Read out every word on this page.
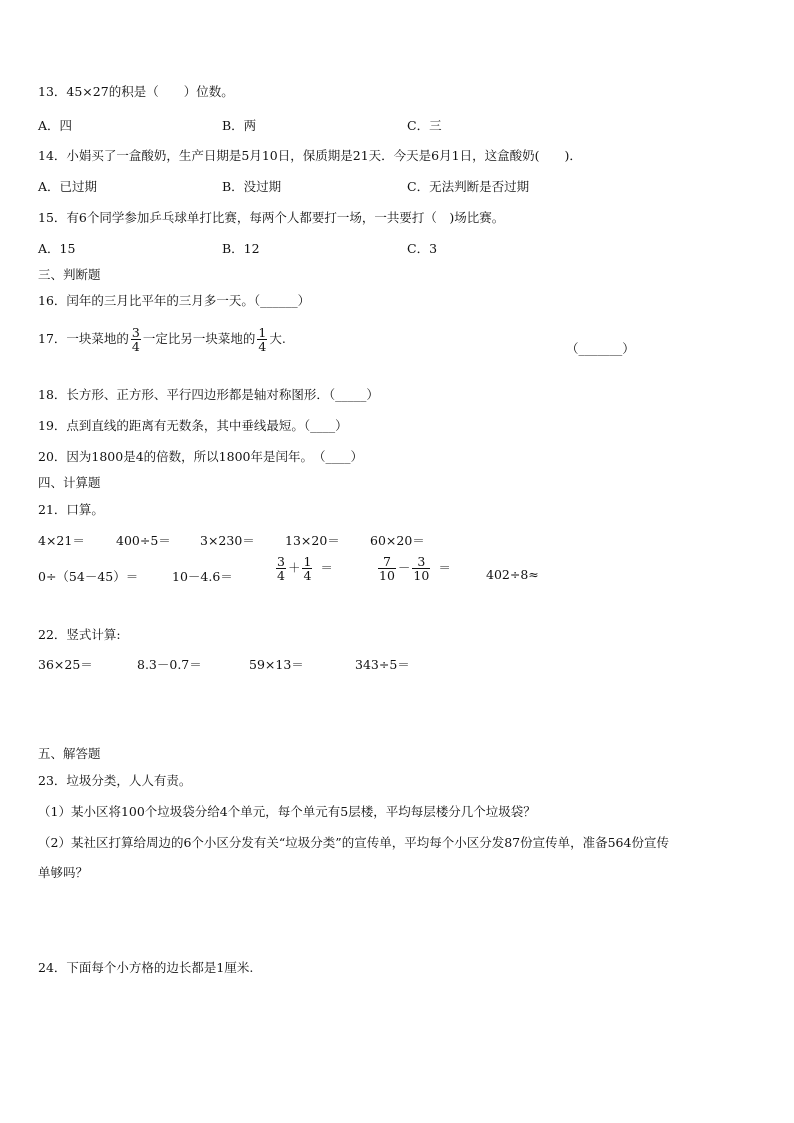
13．45×27的积是（　　）位数。
A．四	B．两	C．三
14．小娟买了一盒酸奶，生产日期是5月10日，保质期是21天．今天是6月1日，这盒酸奶(　　)．
A．已过期	B．没过期	C．无法判断是否过期
15．有6个同学参加乒乓球单打比赛，每两个人都要打一场，一共要打（　)场比赛。
A．15	B．12	C．3
三、判断题
16．闰年的三月比平年的三月多一天。（______）
17．一块菜地的 $\frac{3}{4}$ 一定比另一块菜地的 $\frac{1}{4}$ 大.
（_______）
18．长方形、正方形、平行四边形都是轴对称图形．（_____）
19．点到直线的距离有无数条，其中垂线最短。（____）
20．因为1800是4的倍数，所以1800年是闰年。　（____）
四、计算题
21．口算。
4×21＝ 400÷5＝ 3×230＝ 13×20＝ 60×20＝
0÷（54－45）＝	10－4.6＝	$\frac{3}{4} + \frac{1}{4}$ ＝	$\frac{7}{10} - \frac{3}{10}$ ＝	402÷8≈
22．竖式计算:
36×25＝	8.3－0.7＝	59×13＝	343÷5＝
五、解答题
23．垃圾分类，人人有责。
（1）某小区将100个垃圾袋分给4个单元，每个单元有5层楼，平均每层楼分几个垃圾袋？
（2）某社区打算给周边的6个小区分发有关“垃圾分类”的宣传单，平均每个小区分发87份宣传单，准备564份宣传
单够吗？
24．下面每个小方格的边长都是1厘米.
